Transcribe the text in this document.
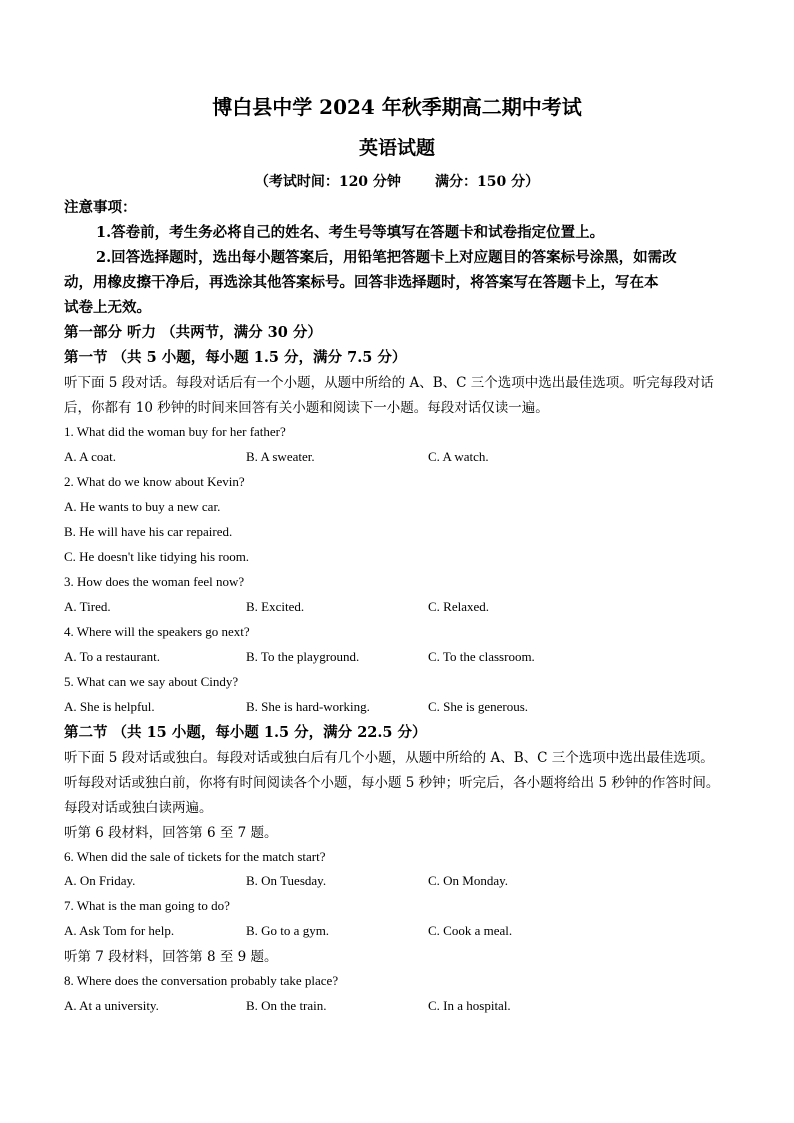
博白县中学 2024 年秋季期高二期中考试
英语试题
（考试时间：120 分钟       满分：150 分）
注意事项：
1.答卷前，考生务必将自己的姓名、考生号等填写在答题卡和试卷指定位置上。
2.回答选择题时，选出每小题答案后，用铅笔把答题卡上对应题目的答案标号涂黑，如需改
动，用橡皮擦干净后，再选涂其他答案标号。回答非选择题时，将答案写在答题卡上，写在本
试卷上无效。
第一部分 听力 （共两节，满分 30 分）
第一节 （共 5 小题，每小题 1.5 分，满分 7.5 分）
听下面 5 段对话。每段对话后有一个小题，从题中所给的 A、B、C 三个选项中选出最佳选项。听完每段对话
后，你都有 10 秒钟的时间来回答有关小题和阅读下一小题。每段对话仅读一遍。
1. What did the woman buy for her father?
A. A coat.	B. A sweater.	C. A watch.
2. What do we know about Kevin?
A. He wants to buy a new car.
B. He will have his car repaired.
C. He doesn't like tidying his room.
3. How does the woman feel now?
A. Tired.	B. Excited.	C. Relaxed.
4. Where will the speakers go next?
A. To a restaurant.	B. To the playground.	C. To the classroom.
5. What can we say about Cindy?
A. She is helpful.	B. She is hard-working.	C. She is generous.
第二节 （共 15 小题，每小题 1.5 分，满分 22.5 分）
听下面 5 段对话或独白。每段对话或独白后有几个小题，从题中所给的 A、B、C 三个选项中选出最佳选项。
听每段对话或独白前，你将有时间阅读各个小题，每小题 5 秒钟；听完后，各小题将给出 5 秒钟的作答时间。
每段对话或独白读两遍。
听第 6 段材料，回答第 6 至 7 题。
6. When did the sale of tickets for the match start?
A. On Friday.	B. On Tuesday.	C. On Monday.
7. What is the man going to do?
A. Ask Tom for help.	B. Go to a gym.	C. Cook a meal.
听第 7 段材料，回答第 8 至 9 题。
8. Where does the conversation probably take place?
A. At a university.	B. On the train.	C. In a hospital.
